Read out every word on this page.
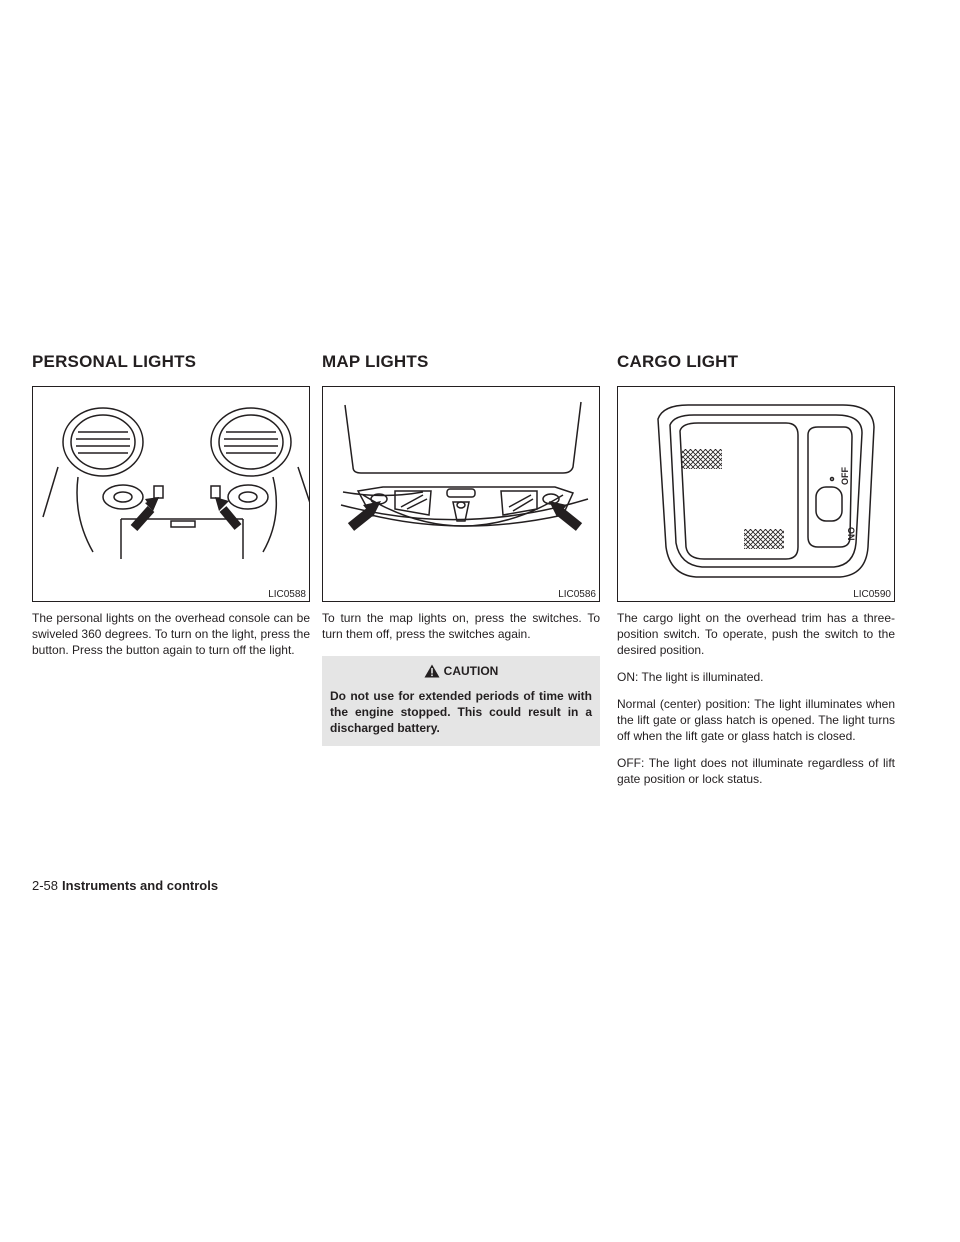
PERSONAL LIGHTS
LIC0588

The personal lights on the overhead console can be swiveled 360 degrees. To turn on the light, press the button. Press the button again to turn off the light.

MAP LIGHTS
LIC0586

To turn the map lights on, press the switches. To turn them off, press the switches again.

CAUTION
Do not use for extended periods of time with the engine stopped. This could result in a discharged battery.
CARGO LIGHT
OFF
ON
LIC0590

The cargo light on the overhead trim has a three-position switch. To operate, push the switch to the desired position.

ON: The light is illuminated.

Normal (center) position: The light illuminates when the lift gate or glass hatch is opened. The light turns off when the lift gate or glass hatch is closed.

OFF: The light does not illuminate regardless of lift gate position or lock status.

2-58 Instruments and controls
